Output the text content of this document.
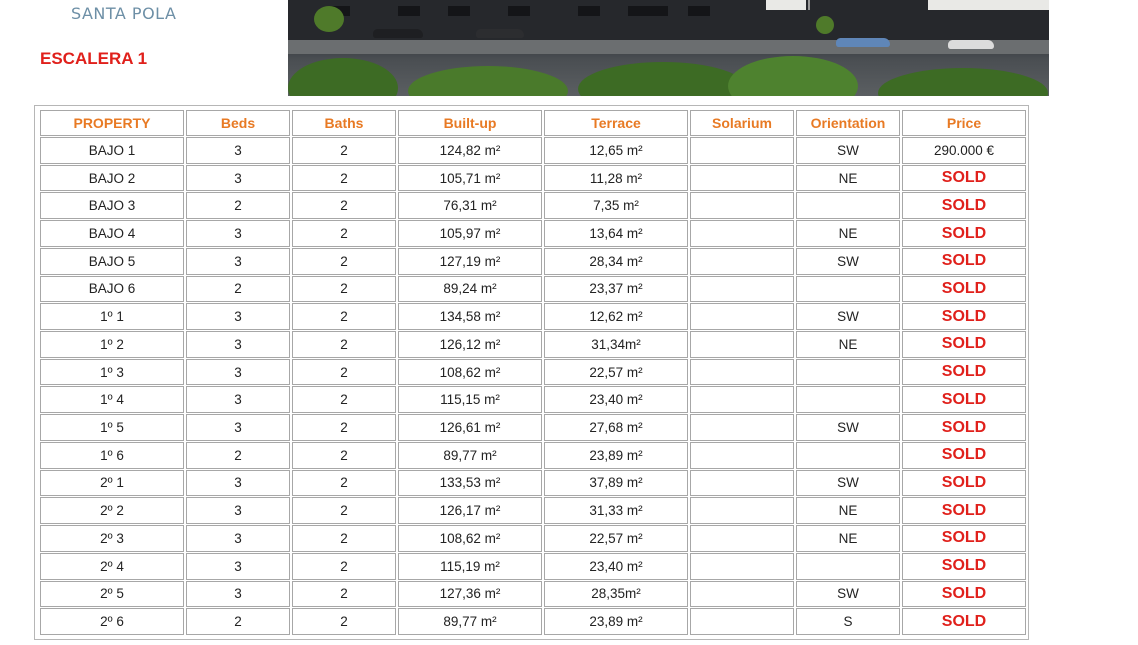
SANTA POLA
ESCALERA 1
PROPERTY	Beds	Baths	Built-up	Terrace	Solarium	Orientation	Price
BAJO 1	3	2	124,82 m²	12,65 m²		SW	290.000 €
BAJO 2	3	2	105,71 m²	11,28 m²		NE	SOLD
BAJO 3	2	2	76,31 m²	7,35 m²			SOLD
BAJO 4	3	2	105,97 m²	13,64 m²		NE	SOLD
BAJO 5	3	2	127,19 m²	28,34 m²		SW	SOLD
BAJO 6	2	2	89,24 m²	23,37 m²			SOLD
1º 1	3	2	134,58 m²	12,62 m²		SW	SOLD
1º 2	3	2	126,12 m²	31,34m²		NE	SOLD
1º 3	3	2	108,62 m²	22,57 m²			SOLD
1º 4	3	2	115,15 m²	23,40 m²			SOLD
1º 5	3	2	126,61 m²	27,68 m²		SW	SOLD
1º 6	2	2	89,77 m²	23,89 m²			SOLD
2º 1	3	2	133,53 m²	37,89 m²		SW	SOLD
2º 2	3	2	126,17 m²	31,33 m²		NE	SOLD
2º 3	3	2	108,62 m²	22,57 m²		NE	SOLD
2º 4	3	2	115,19 m²	23,40 m²			SOLD
2º 5	3	2	127,36 m²	28,35m²		SW	SOLD
2º 6	2	2	89,77 m²	23,89 m²		S	SOLD
